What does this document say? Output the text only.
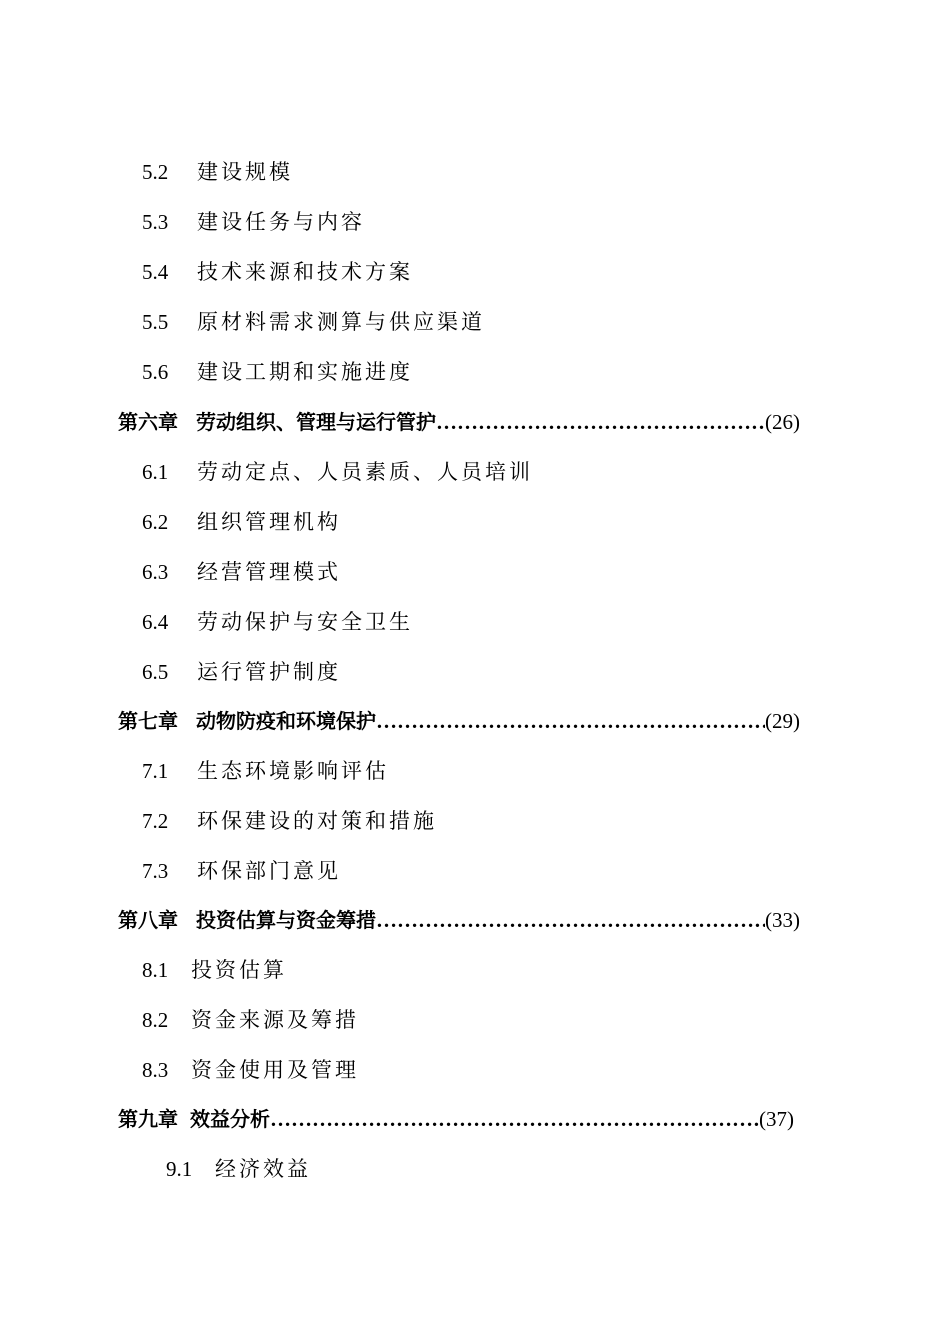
5.2 建设规模
5.3 建设任务与内容
5.4 技术来源和技术方案
5.5 原材料需求测算与供应渠道
5.6 建设工期和实施进度
第六章 劳动组织、管理与运行管护 …………………………………………………………………………………………………………………………	(26)
6.1 劳动定点、人员素质、人员培训
6.2 组织管理机构
6.3 经营管理模式
6.4 劳动保护与安全卫生
6.5 运行管护制度
第七章 动物防疫和环境保护 …………………………………………………………………………………………………………………………	(29)
7.1 生态环境影响评估
7.2 环保建设的对策和措施
7.3 环保部门意见
第八章 投资估算与资金筹措 …………………………………………………………………………………………………………………………	(33)
8.1 投资估算
8.2 资金来源及筹措
8.3 资金使用及管理
第九章 效益分析 …………………………………………………………………………………………………………………………	(37)
9.1 经济效益
